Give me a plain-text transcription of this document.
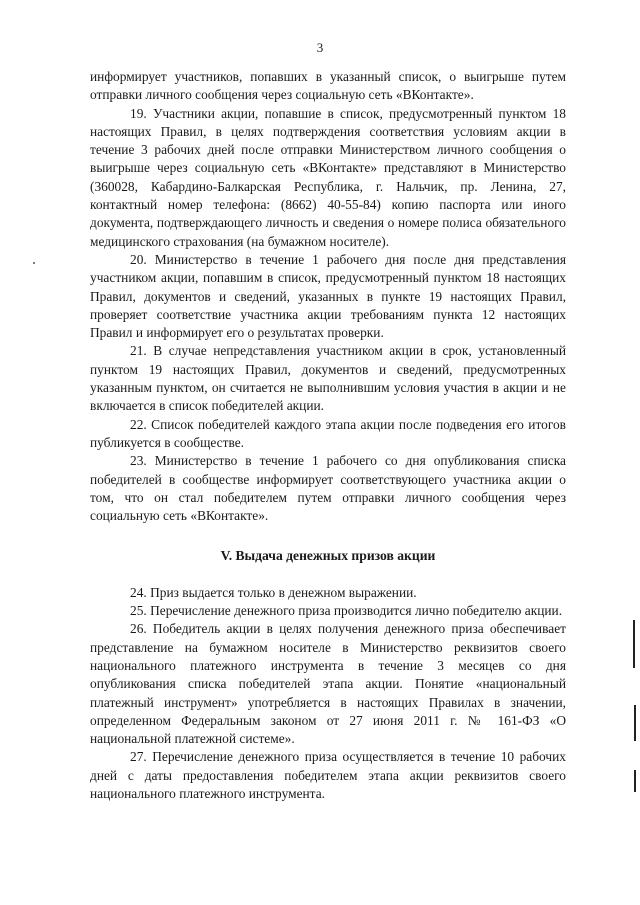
3

информирует участников, попавших в указанный список, о выигрыше путем отправки личного сообщения через социальную сеть «ВКонтакте».

19. Участники акции, попавшие в список, предусмотренный пунктом 18 настоящих Правил, в целях подтверждения соответствия условиям акции в течение 3 рабочих дней после отправки Министерством личного сообщения о выигрыше через социальную сеть «ВКонтакте» представляют в Министерство (360028, Кабардино-Балкарская Республика, г. Нальчик, пр. Ленина, 27, контактный номер телефона: (8662) 40-55-84) копию паспорта или иного документа, подтверждающего личность и сведения о номере полиса обязательного медицинского страхования (на бумажном носителе).

20. Министерство в течение 1 рабочего дня после дня представления участником акции, попавшим в список, предусмотренный пунктом 18 настоящих Правил, документов и сведений, указанных в пункте 19 настоящих Правил, проверяет соответствие участника акции требованиям пункта 12 настоящих Правил и информирует его о результатах проверки.

21. В случае непредставления участником акции в срок, установленный пунктом 19 настоящих Правил, документов и сведений, предусмотренных указанным пунктом, он считается не выполнившим условия участия в акции и не включается в список победителей акции.

22. Список победителей каждого этапа акции после подведения его итогов публикуется в сообществе.

23. Министерство в течение 1 рабочего со дня опубликования списка победителей в сообществе информирует соответствующего участника акции о том, что он стал победителем путем отправки личного сообщения через социальную сеть «ВКонтакте».

V. Выдача денежных призов акции

24. Приз выдается только в денежном выражении.

25. Перечисление денежного приза производится лично победителю акции.

26. Победитель акции в целях получения денежного приза обеспечивает представление на бумажном носителе в Министерство реквизитов своего национального платежного инструмента в течение 3 месяцев со дня опубликования списка победителей этапа акции. Понятие «национальный платежный инструмент» употребляется в настоящих Правилах в значении, определенном Федеральным законом от 27 июня 2011 г. № 161-ФЗ «О национальной платежной системе».

27. Перечисление денежного приза осуществляется в течение 10 рабочих дней с даты предоставления победителем этапа акции реквизитов своего национального платежного инструмента.
